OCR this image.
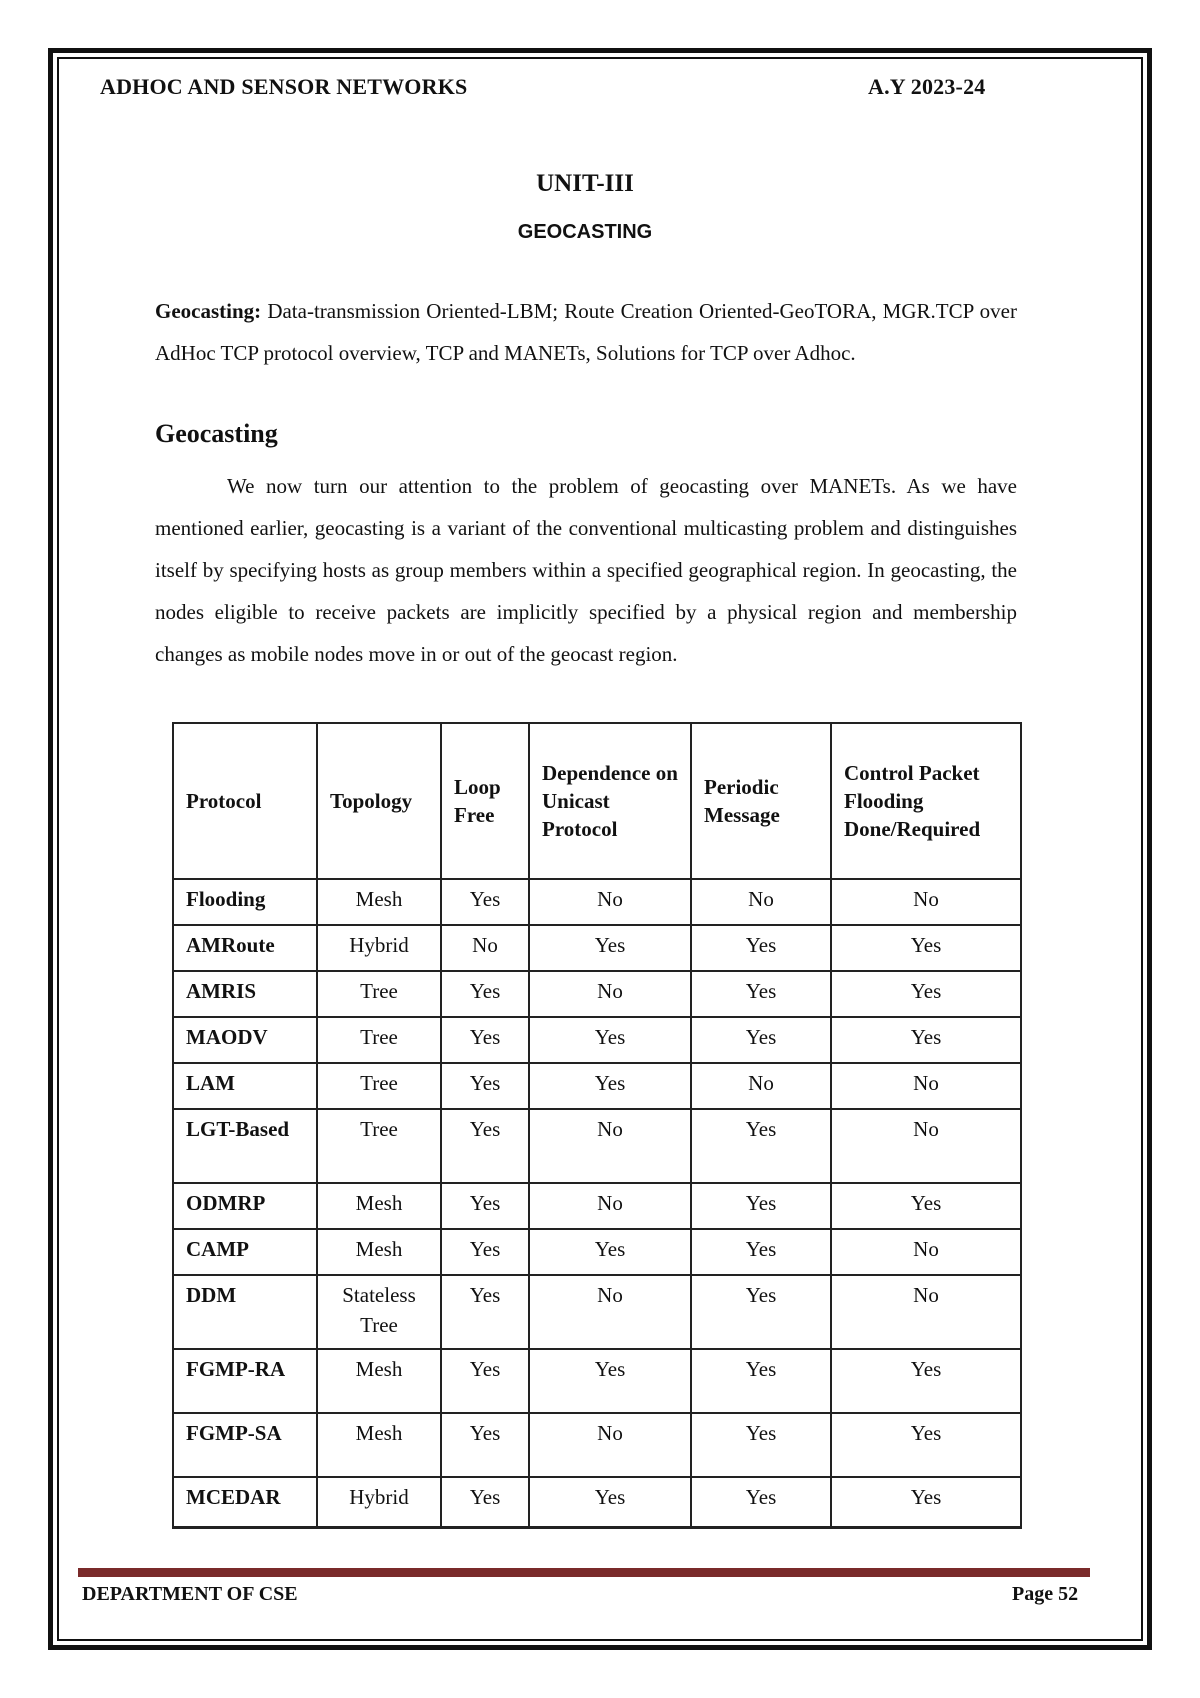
ADHOC AND SENSOR NETWORKS	A.Y 2023-24
UNIT-III
GEOCASTING

Geocasting: Data-transmission Oriented-LBM; Route Creation Oriented-GeoTORA, MGR.TCP over AdHoc TCP protocol overview, TCP and MANETs, Solutions for TCP over Adhoc.

Geocasting

We now turn our attention to the problem of geocasting over MANETs. As we have mentioned earlier, geocasting is a variant of the conventional multicasting problem and distinguishes itself by specifying hosts as group members within a specified geographical region. In geocasting, the nodes eligible to receive packets are implicitly specified by a physical region and membership changes as mobile nodes move in or out of the geocast region.

Protocol	Topology	Loop Free	Dependence on Unicast Protocol	Periodic Message	Control Packet Flooding Done/Required
Flooding	Mesh	Yes	No	No	No
AMRoute	Hybrid	No	Yes	Yes	Yes
AMRIS	Tree	Yes	No	Yes	Yes
MAODV	Tree	Yes	Yes	Yes	Yes
LAM	Tree	Yes	Yes	No	No
LGT-Based	Tree	Yes	No	Yes	No
ODMRP	Mesh	Yes	No	Yes	Yes
CAMP	Mesh	Yes	Yes	Yes	No
DDM	Stateless Tree	Yes	No	Yes	No
FGMP-RA	Mesh	Yes	Yes	Yes	Yes
FGMP-SA	Mesh	Yes	No	Yes	Yes
MCEDAR	Hybrid	Yes	Yes	Yes	Yes
DEPARTMENT OF CSE	Page 52
